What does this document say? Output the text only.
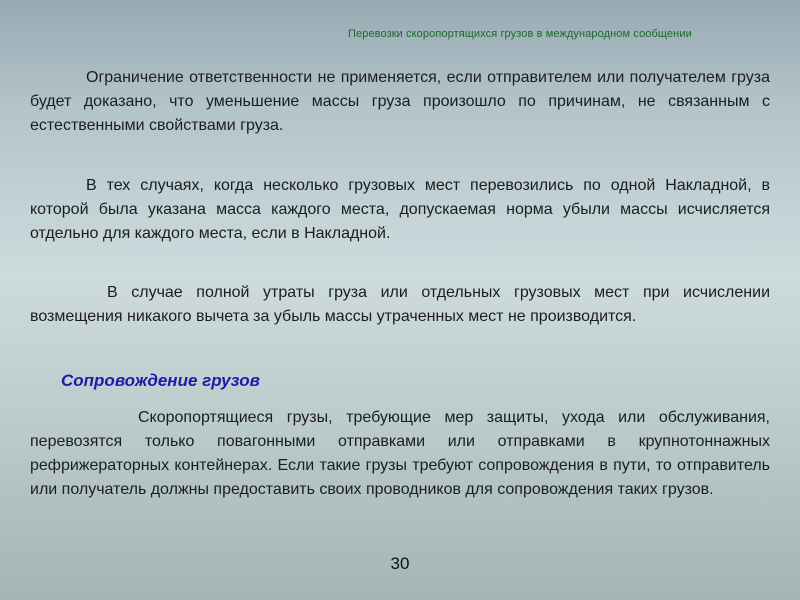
Перевозки скоропортящихся грузов в международном сообщении

Ограничение ответственности не применяется, если отправителем или получателем груза будет доказано, что уменьшение массы груза произошло по причинам, не связанным с естественными свойствами груза.

В тех случаях, когда несколько грузовых мест перевозились по одной Накладной, в которой была указана масса каждого места, допускаемая норма убыли массы исчисляется отдельно для каждого места, если в Накладной.

В случае полной утраты груза или отдельных грузовых мест при исчислении возмещения никакого вычета за убыль массы утраченных мест не производится.

Сопровождение грузов

Скоропортящиеся грузы, требующие мер защиты, ухода или обслуживания, перевозятся только повагонными отправками или отправками в крупнотоннажных рефрижераторных контейнерах. Если такие грузы требуют сопровождения в пути, то отправитель или получатель должны предоставить своих проводников для сопровождения таких грузов.

30
